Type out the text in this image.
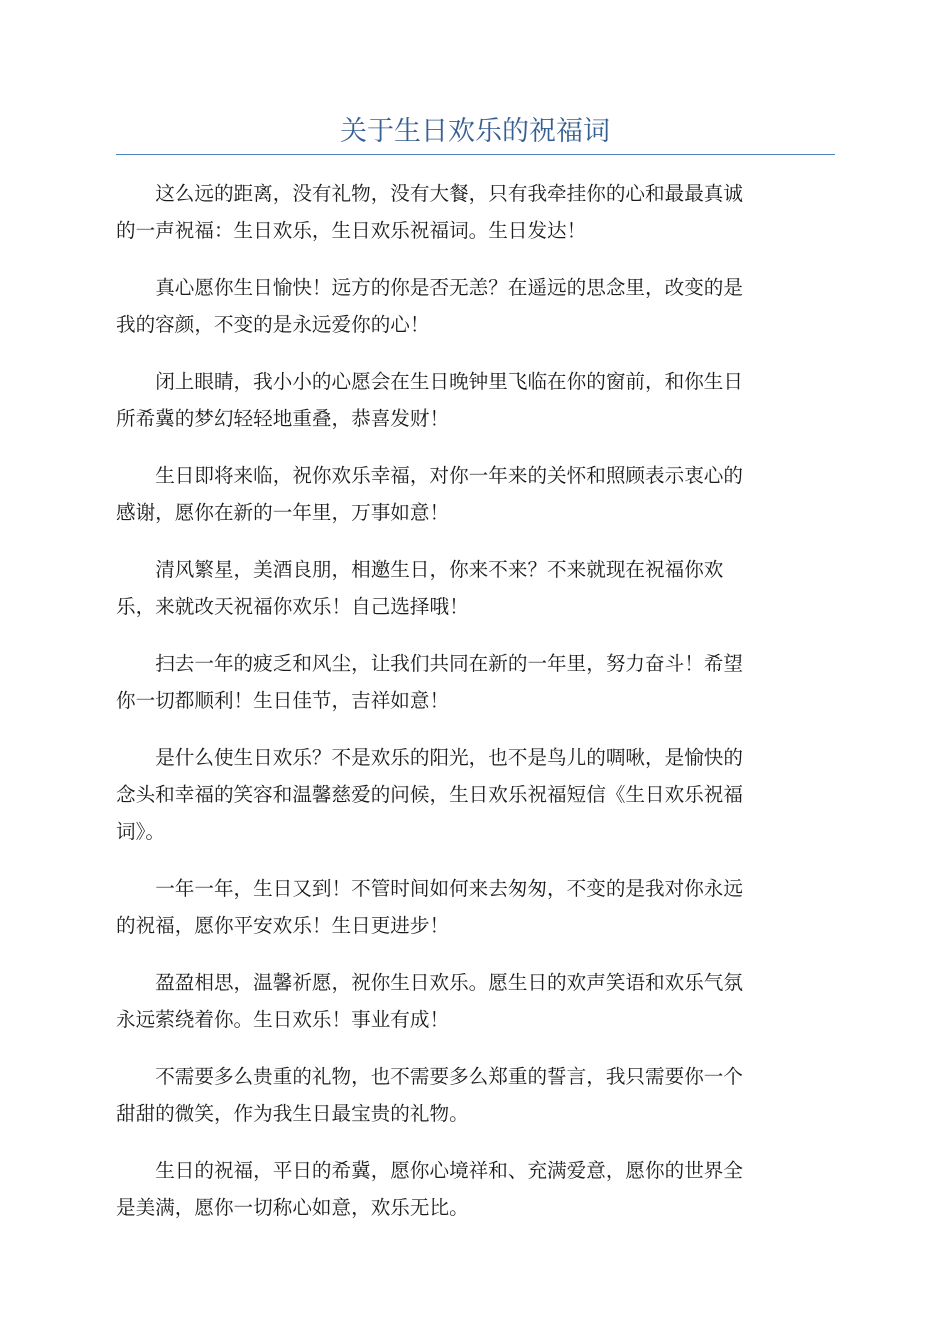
关于生日欢乐的祝福词

这么远的距离，没有礼物，没有大餐，只有我牵挂你的心和最最真诚
的一声祝福：生日欢乐，生日欢乐祝福词。生日发达！

真心愿你生日愉快！远方的你是否无恙？在遥远的思念里，改变的是
我的容颜，不变的是永远爱你的心！

闭上眼睛，我小小的心愿会在生日晚钟里飞临在你的窗前，和你生日
所希冀的梦幻轻轻地重叠，恭喜发财！

生日即将来临，祝你欢乐幸福，对你一年来的关怀和照顾表示衷心的
感谢，愿你在新的一年里，万事如意！

清风繁星，美酒良朋，相邀生日，你来不来？不来就现在祝福你欢
乐，来就改天祝福你欢乐！自己选择哦！

扫去一年的疲乏和风尘，让我们共同在新的一年里，努力奋斗！希望
你一切都顺利！生日佳节，吉祥如意！

是什么使生日欢乐？不是欢乐的阳光，也不是鸟儿的啁啾，是愉快的
念头和幸福的笑容和温馨慈爱的问候，生日欢乐祝福短信《生日欢乐祝福
词》。

一年一年，生日又到！不管时间如何来去匆匆，不变的是我对你永远
的祝福，愿你平安欢乐！生日更进步！

盈盈相思，温馨祈愿，祝你生日欢乐。愿生日的欢声笑语和欢乐气氛
永远萦绕着你。生日欢乐！事业有成！

不需要多么贵重的礼物，也不需要多么郑重的誓言，我只需要你一个
甜甜的微笑，作为我生日最宝贵的礼物。

生日的祝福，平日的希冀，愿你心境祥和、充满爱意，愿你的世界全
是美满，愿你一切称心如意，欢乐无比。
